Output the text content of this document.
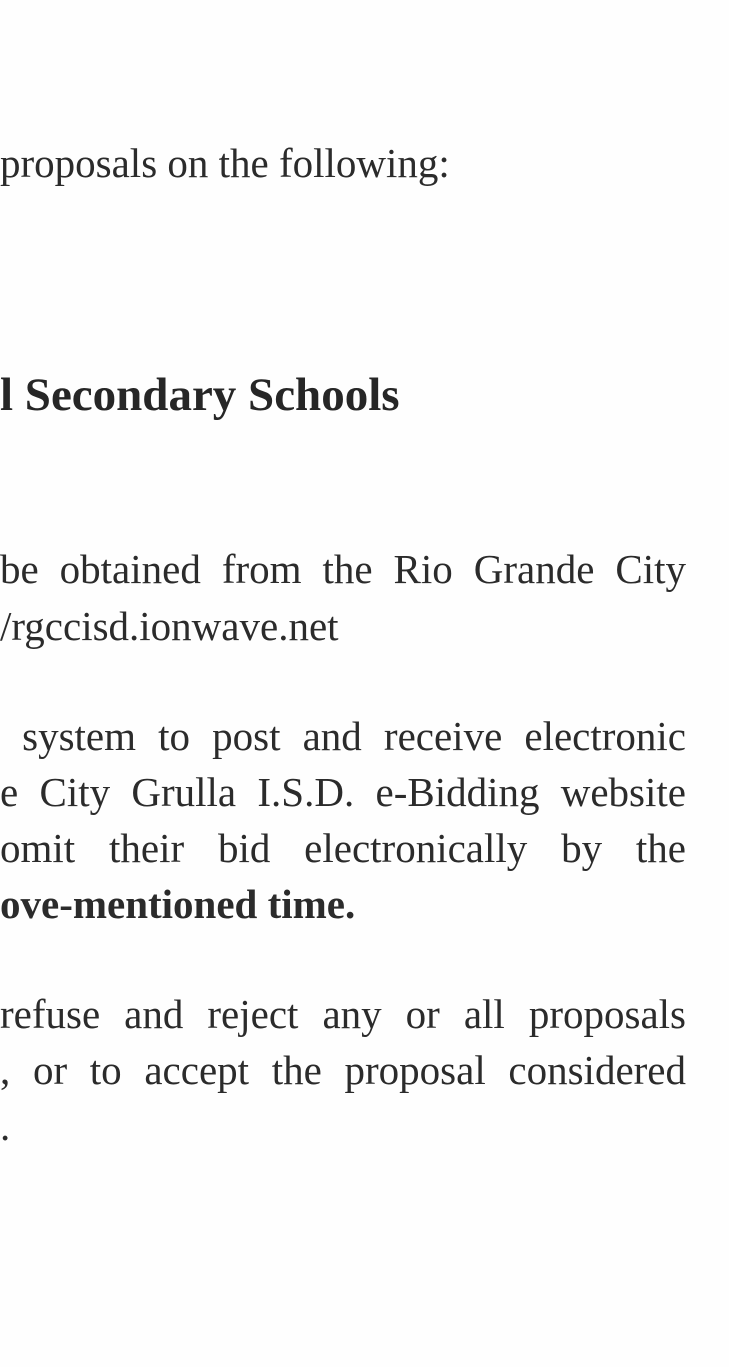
proposals on the following:

l Secondary Schools

be obtained from the Rio Grande City

/rgccisd.ionwave.net

system to post and receive electronic

e City Grulla I.S.D. e-Bidding website

omit their bid electronically by the

ove-mentioned time.

refuse and reject any or all proposals

, or to accept the proposal considered

.
